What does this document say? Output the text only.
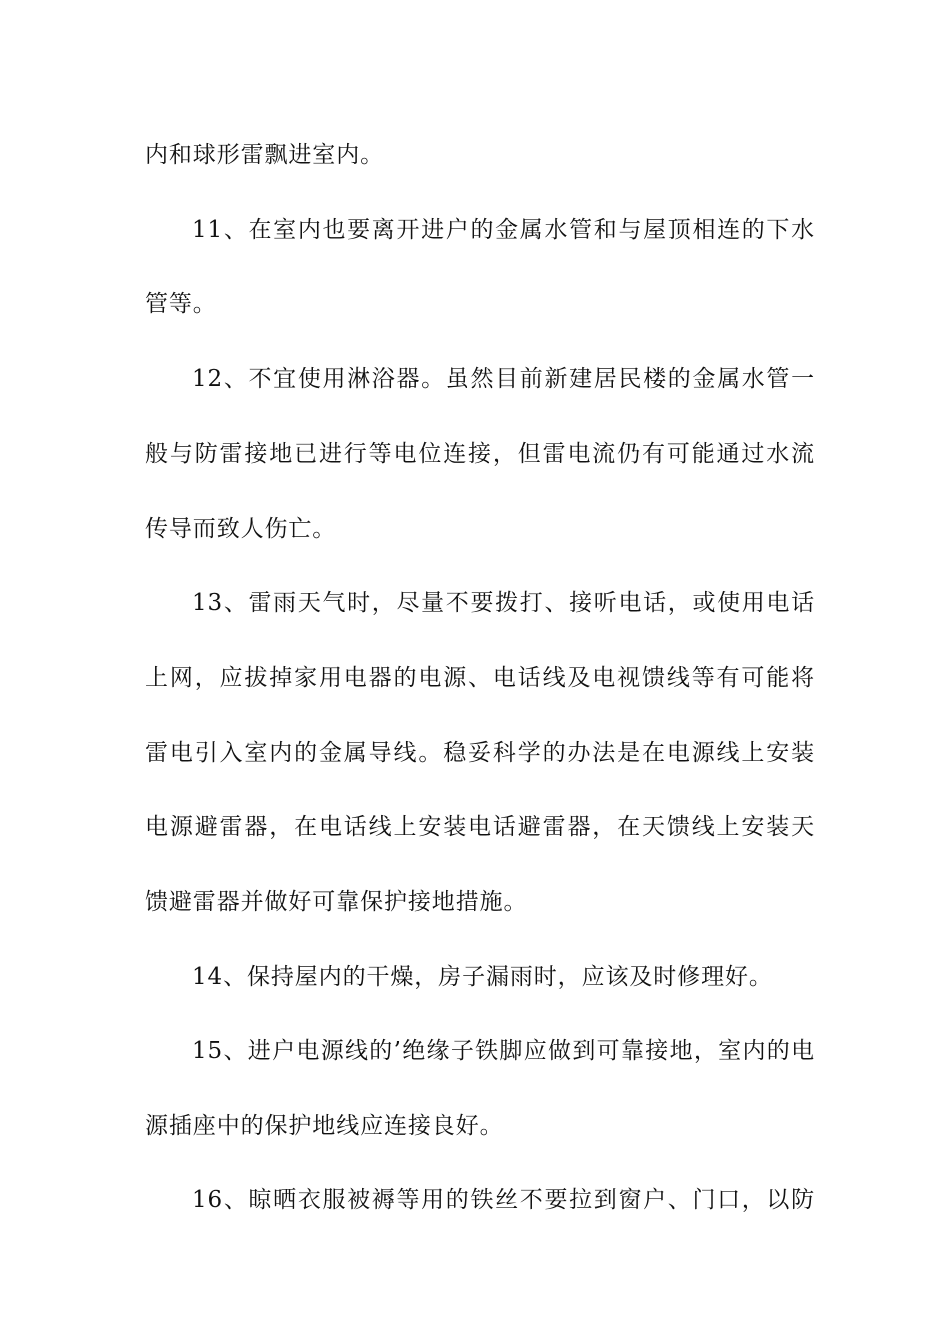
内和球形雷飘进室内。
11、在室内也要离开进户的金属水管和与屋顶相连的下水
管等。
12、不宜使用淋浴器。虽然目前新建居民楼的金属水管一
般与防雷接地已进行等电位连接，但雷电流仍有可能通过水流
传导而致人伤亡。
13、雷雨天气时，尽量不要拨打、接听电话，或使用电话
上网，应拔掉家用电器的电源、电话线及电视馈线等有可能将
雷电引入室内的金属导线。稳妥科学的办法是在电源线上安装
电源避雷器，在电话线上安装电话避雷器，在天馈线上安装天
馈避雷器并做好可靠保护接地措施。
14、保持屋内的干燥，房子漏雨时，应该及时修理好。
15、进户电源线的’绝缘子铁脚应做到可靠接地，室内的电
源插座中的保护地线应连接良好。
16、晾晒衣服被褥等用的铁丝不要拉到窗户、门口，以防
